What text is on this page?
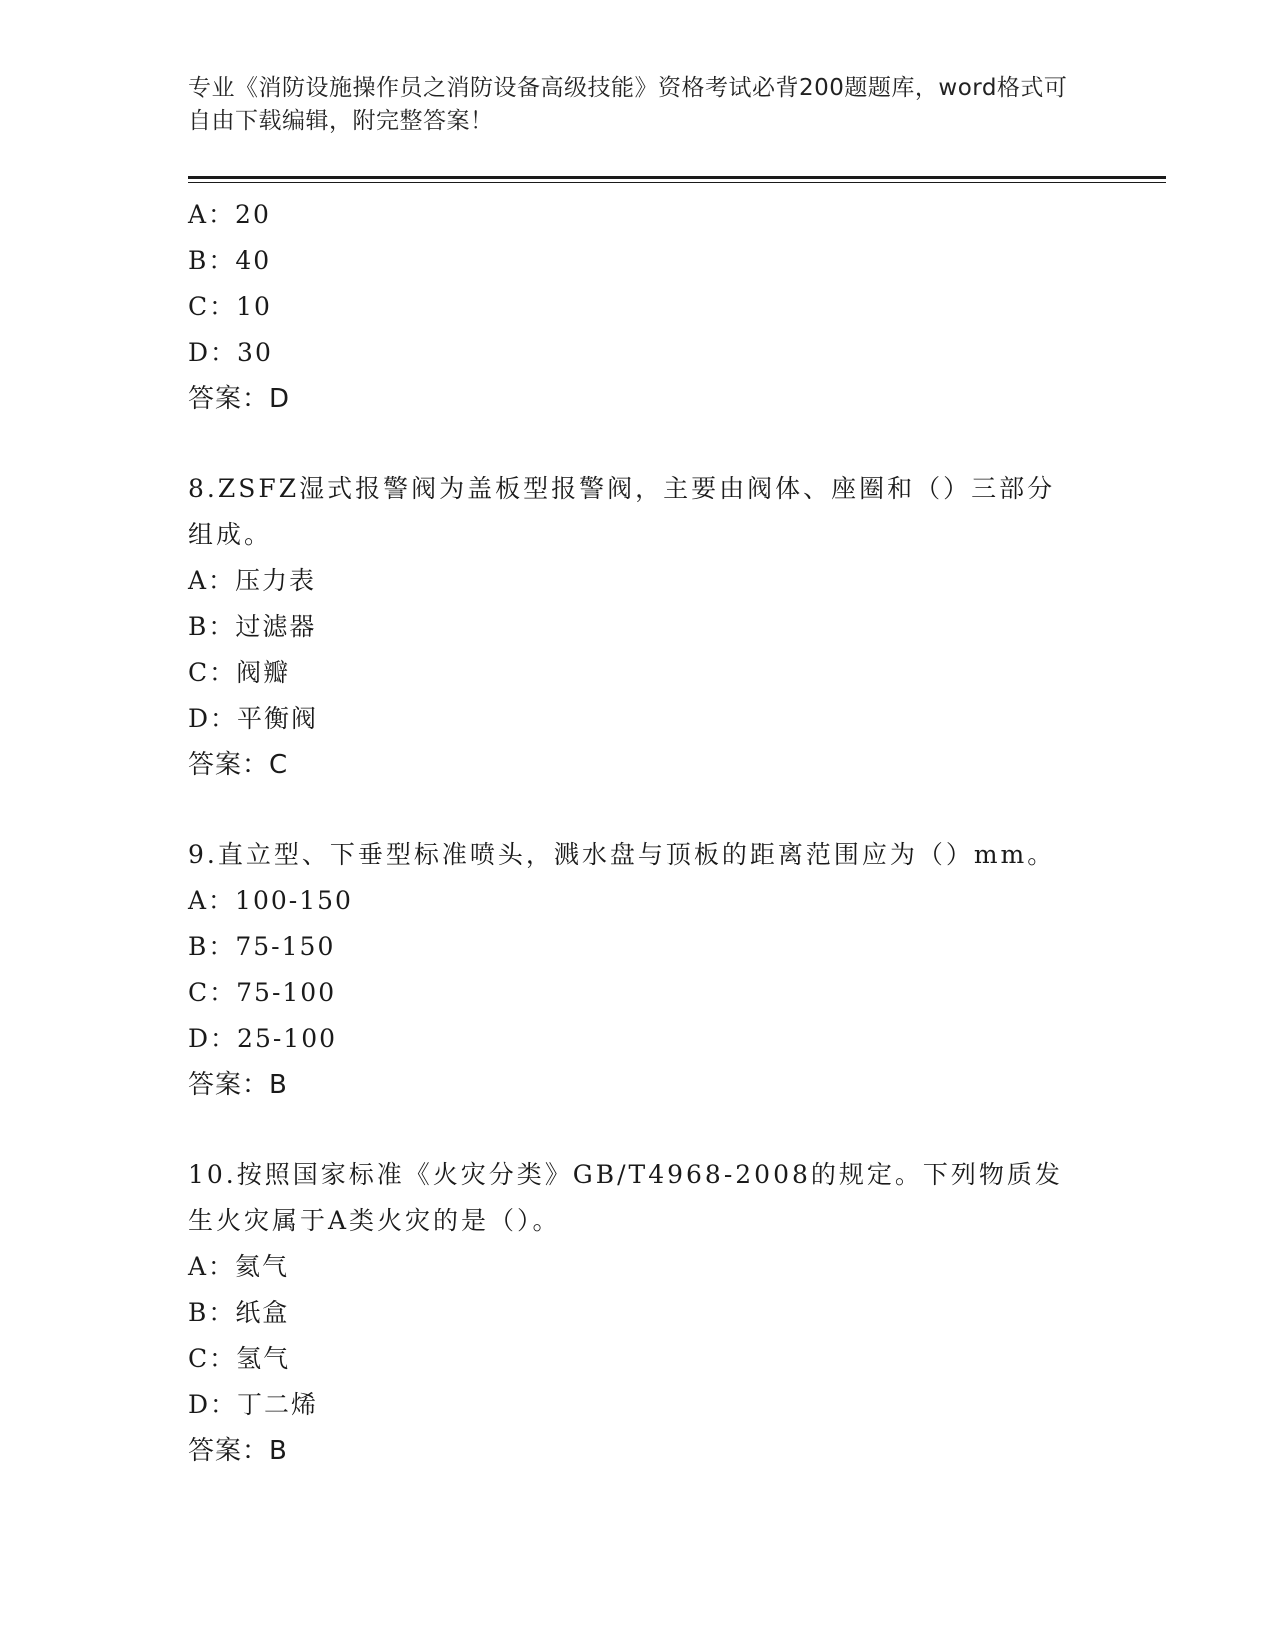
专业《消防设施操作员之消防设备高级技能》资格考试必背200题题库，word格式可自由下载编辑，附完整答案！
A：20
B：40
C：10
D：30
答案：D
8.ZSFZ湿式报警阀为盖板型报警阀，主要由阀体、座圈和（）三部分组成。
A：压力表
B：过滤器
C：阀瓣
D：平衡阀
答案：C
9.直立型、下垂型标准喷头，溅水盘与顶板的距离范围应为（）mm。
A：100-150
B：75-150
C：75-100
D：25-100
答案：B
10.按照国家标准《火灾分类》GB/T4968-2008的规定。下列物质发生火灾属于A类火灾的是（）。
A：氦气
B：纸盒
C：氢气
D：丁二烯
答案：B
